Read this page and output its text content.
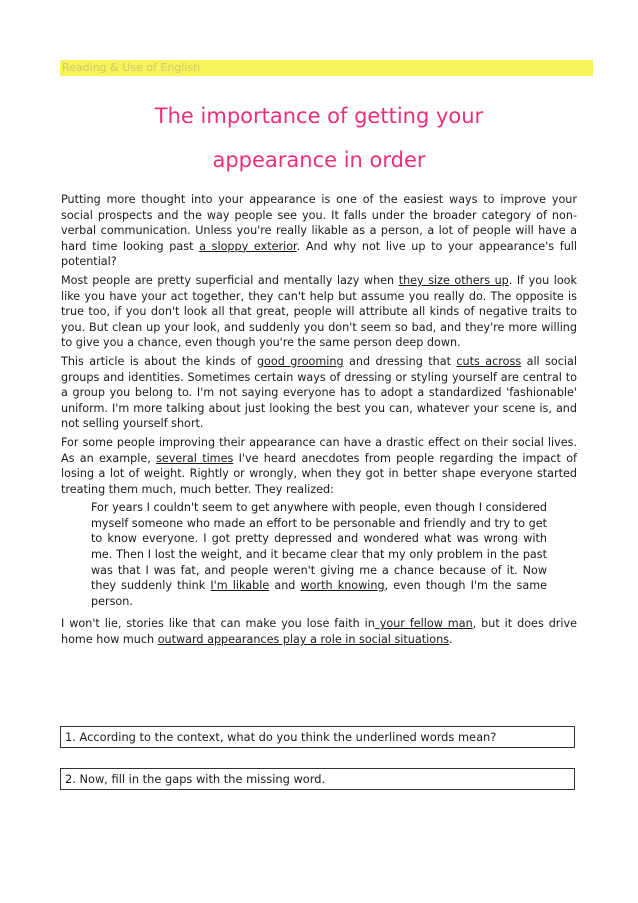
Reading & Use of English
The importance of getting your
appearance in order

Putting more thought into your appearance is one of the easiest ways to improve your social prospects and the way people see you. It falls under the broader category of non-verbal communication. Unless you're really likable as a person, a lot of people will have a hard time looking past a sloppy exterior. And why not live up to your appearance's full potential?

Most people are pretty superficial and mentally lazy when they size others up. If you look like you have your act together, they can't help but assume you really do. The opposite is true too, if you don't look all that great, people will attribute all kinds of negative traits to you. But clean up your look, and suddenly you don't seem so bad, and they're more willing to give you a chance, even though you're the same person deep down.

This article is about the kinds of good grooming and dressing that cuts across all social groups and identities. Sometimes certain ways of dressing or styling yourself are central to a group you belong to. I'm not saying everyone has to adopt a standardized 'fashionable' uniform. I'm more talking about just looking the best you can, whatever your scene is, and not selling yourself short.

For some people improving their appearance can have a drastic effect on their social lives. As an example, several times I've heard anecdotes from people regarding the impact of losing a lot of weight. Rightly or wrongly, when they got in better shape everyone started treating them much, much better. They realized:

For years I couldn't seem to get anywhere with people, even though I considered myself someone who made an effort to be personable and friendly and try to get to know everyone. I got pretty depressed and wondered what was wrong with me. Then I lost the weight, and it became clear that my only problem in the past was that I was fat, and people weren't giving me a chance because of it. Now they suddenly think I'm likable and worth knowing, even though I'm the same person.

I won't lie, stories like that can make you lose faith in your fellow man, but it does drive home how much outward appearances play a role in social situations.

1. According to the context, what do you think the underlined words mean?
2. Now, fill in the gaps with the missing word.
